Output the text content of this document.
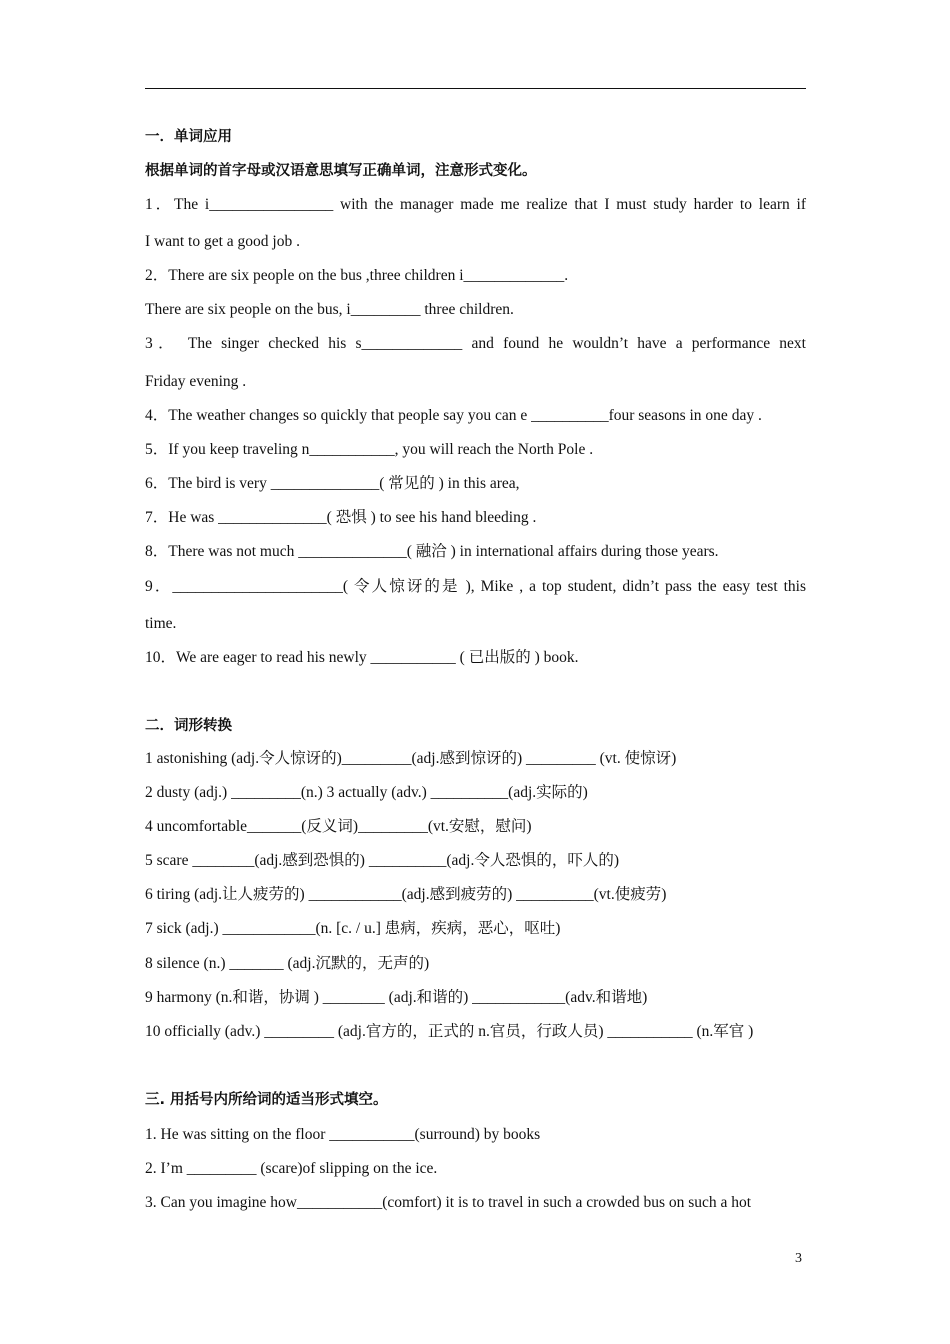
一．单词应用
根据单词的首字母或汉语意思填写正确单词，注意形式变化。
1．The i________________ with the manager made me realize that I must study harder to learn if
I want to get a good job .
2．There are six people on the bus ,three children i_____________.
There are six people on the bus, i_________ three children.
3． The singer checked his s_____________ and found he wouldn’t have a performance next
Friday evening .
4．The weather changes so quickly that people say you can e __________four seasons in one day .
5．If you keep traveling n___________, you will reach the North Pole .
6．The bird is very ______________( 常见的 ) in this area,
7．He was ______________( 恐惧 ) to see his hand bleeding .
8．There was not much ______________( 融洽 ) in international affairs during those years.
9．______________________( 令人惊讶的是 ), Mike , a top student, didn’t pass the easy test this
time.
10．We are eager to read his newly ___________ ( 已出版的 ) book.
二．词形转换
1 astonishing (adj.令人惊讶的)_________(adj.感到惊讶的) _________ (vt. 使惊讶)
2 dusty (adj.) _________(n.) 3 actually (adv.) __________(adj.实际的)
4 uncomfortable_______(反义词)_________(vt.安慰，慰问)
5 scare ________(adj.感到恐惧的) __________(adj.令人恐惧的，吓人的)
6 tiring (adj.让人疲劳的) ____________(adj.感到疲劳的) __________(vt.使疲劳)
7 sick (adj.) ____________(n. [c. / u.] 患病，疾病，恶心，呕吐)
8 silence (n.) _______ (adj.沉默的，无声的)
9 harmony (n.和谐，协调 ) ________ (adj.和谐的) ____________(adv.和谐地)
10 officially (adv.) _________ (adj.官方的，正式的 n.官员，行政人员) ___________ (n.军官 )
三. 用括号内所给词的适当形式填空。
1. He was sitting on the floor ___________(surround) by books
2. I’m _________ (scare)of slipping on the ice.
3. Can you imagine how___________(comfort) it is to travel in such a crowded bus on such a hot
3
